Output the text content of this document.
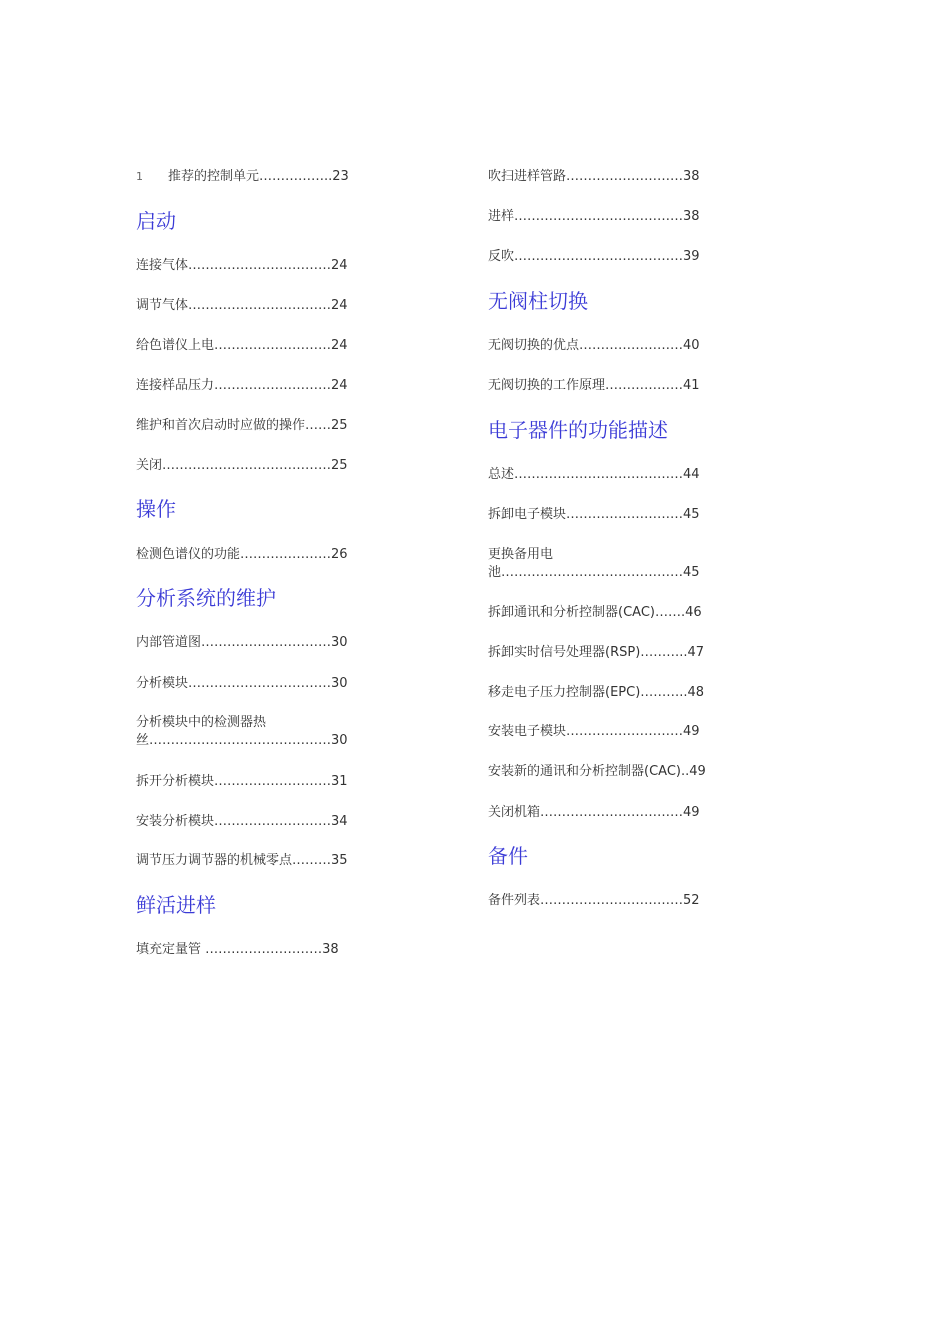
1 推荐的控制单元……………..23
启动
连接气体……………………………24
调节气体……………………………24
给色谱仪上电………………………24
连接样品压力………………………24
维护和首次启动时应做的操作……25
关闭…………………………………25
操作
检测色谱仪的功能…………………26
分析系统的维护
内部管道图…………………………30
分析模块……………………………30
分析模块中的检测器热
丝……………………………………30
拆开分析模块………………………31
安装分析模块………………………34
调节压力调节器的机械零点………35
鲜活进样
填充定量管 ………………………38
吹扫进样管路………………………38
进样…………………………………38
反吹…………………………………39
无阀柱切换
无阀切换的优点……………………40
无阀切换的工作原理………………41
电子器件的功能描述
总述…………………………………44
拆卸电子模块………………………45
更换备用电
池……………………………………45
拆卸通讯和分析控制器(CAC)…….46
拆卸实时信号处理器(RSP)………..47
移走电子压力控制器(EPC)………..48
安装电子模块………………………49
安装新的通讯和分析控制器(CAC)..49
关闭机箱……………………………49
备件
备件列表……………………………52
